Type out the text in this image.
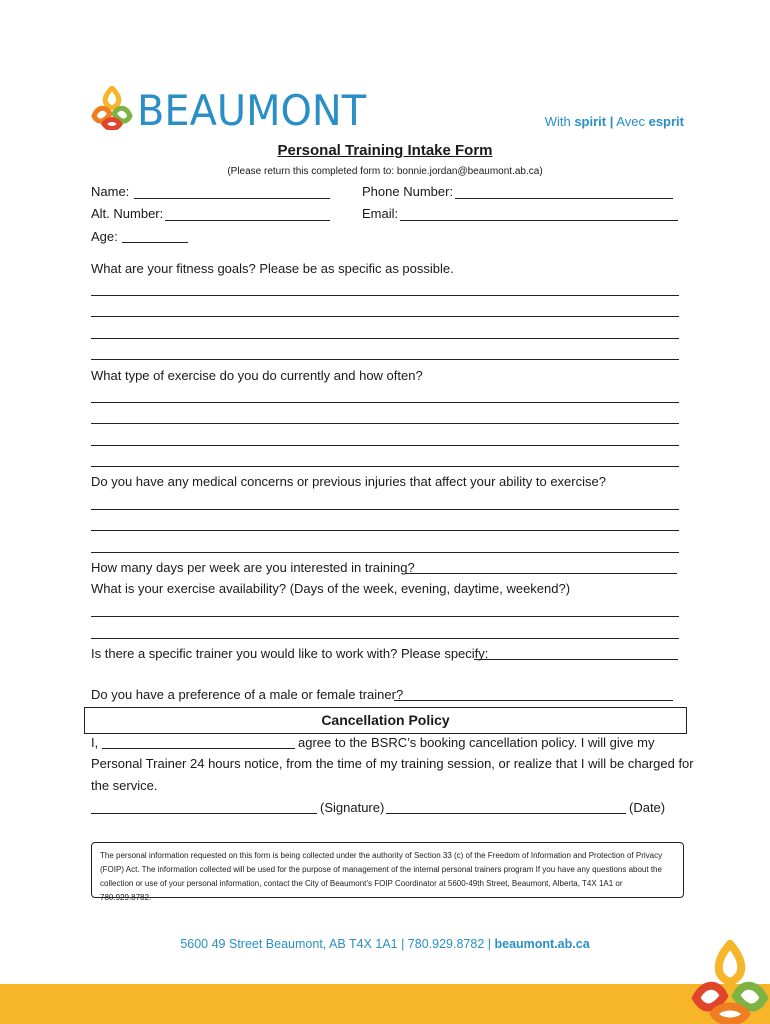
BEAUMONT	With spirit | Avec esprit
Personal Training Intake Form
(Please return this completed form to: bonnie.jordan@beaumont.ab.ca)
Name:	Phone Number:
Alt. Number:	Email:
Age:
What are your fitness goals? Please be as specific as possible.
What type of exercise do you do currently and how often?
Do you have any medical concerns or previous injuries that affect your ability to exercise?
How many days per week are you interested in training?
What is your exercise availability? (Days of the week, evening, daytime, weekend?)
Is there a specific trainer you would like to work with? Please specify:
Do you have a preference of a male or female trainer?
Cancellation Policy
I,	agree to the BSRC’s booking cancellation policy. I will give my
Personal Trainer 24 hours notice, from the time of my training session, or realize that I will be charged for
the service.
(Signature)	(Date)
The personal information requested on this form is being collected under the authority of Section 33 (c) of the Freedom of Information and Protection of Privacy (FOIP) Act. The information collected will be used for the purpose of management of the internal personal trainers program If you have any questions about the collection or use of your personal information, contact the City of Beaumont’s FOIP Coordinator at 5600-49th Street, Beaumont, Alberta, T4X 1A1 or 780.929.8782.
5600 49 Street Beaumont, AB T4X 1A1 | 780.929.8782 | beaumont.ab.ca
